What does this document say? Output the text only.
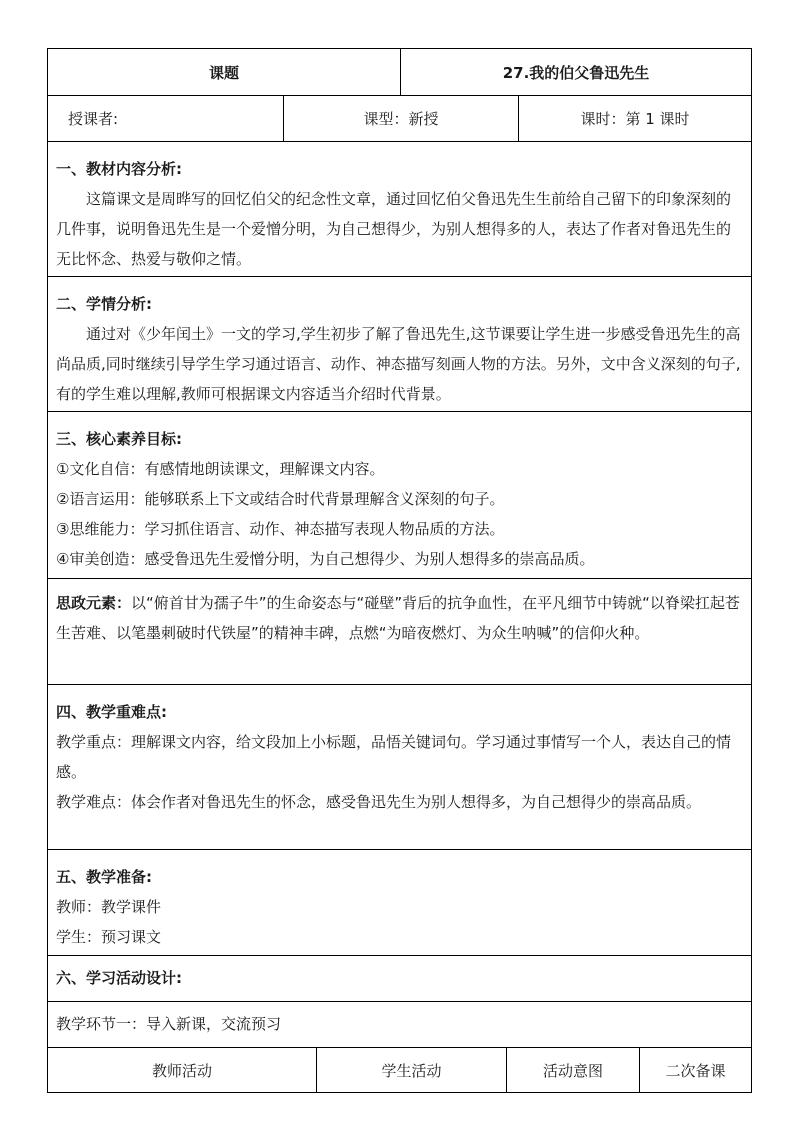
课题	27.我的伯父鲁迅先生
授课者:	课型：新授	课时：第 1 课时

一、教材内容分析:

这篇课文是周晔写的回忆伯父的纪念性文章，通过回忆伯父鲁迅先生生前给自己留下的印象深刻的几件事，说明鲁迅先生是一个爱憎分明，为自己想得少，为别人想得多的人，表达了作者对鲁迅先生的无比怀念、热爱与敬仰之情。

二、学情分析:

通过对《少年闰土》一文的学习,学生初步了解了鲁迅先生,这节课要让学生进一步感受鲁迅先生的高尚品质,同时继续引导学生学习通过语言、动作、神态描写刻画人物的方法。另外，文中含义深刻的句子,有的学生难以理解,教师可根据课文内容适当介绍时代背景。

三、核心素养目标:

①文化自信：有感情地朗读课文，理解课文内容。

②语言运用：能够联系上下文或结合时代背景理解含义深刻的句子。

③思维能力：学习抓住语言、动作、神态描写表现人物品质的方法。

④审美创造：感受鲁迅先生爱憎分明，为自己想得少、为别人想得多的崇高品质。

思政元素：以“俯首甘为孺子牛”的生命姿态与“碰壁”背后的抗争血性，在平凡细节中铸就“以脊梁扛起苍生苦难、以笔墨刺破时代铁屋”的精神丰碑，点燃“为暗夜燃灯、为众生呐喊”的信仰火种。

四、教学重难点:

教学重点：理解课文内容，给文段加上小标题，品悟关键词句。学习通过事情写一个人，表达自己的情感。

教学难点：体会作者对鲁迅先生的怀念，感受鲁迅先生为别人想得多，为自己想得少的崇高品质。

五、教学准备:

教师：教学课件

学生：预习课文

六、学习活动设计:

教学环节一：导入新课，交流预习

教师活动	学生活动	活动意图	二次备课
